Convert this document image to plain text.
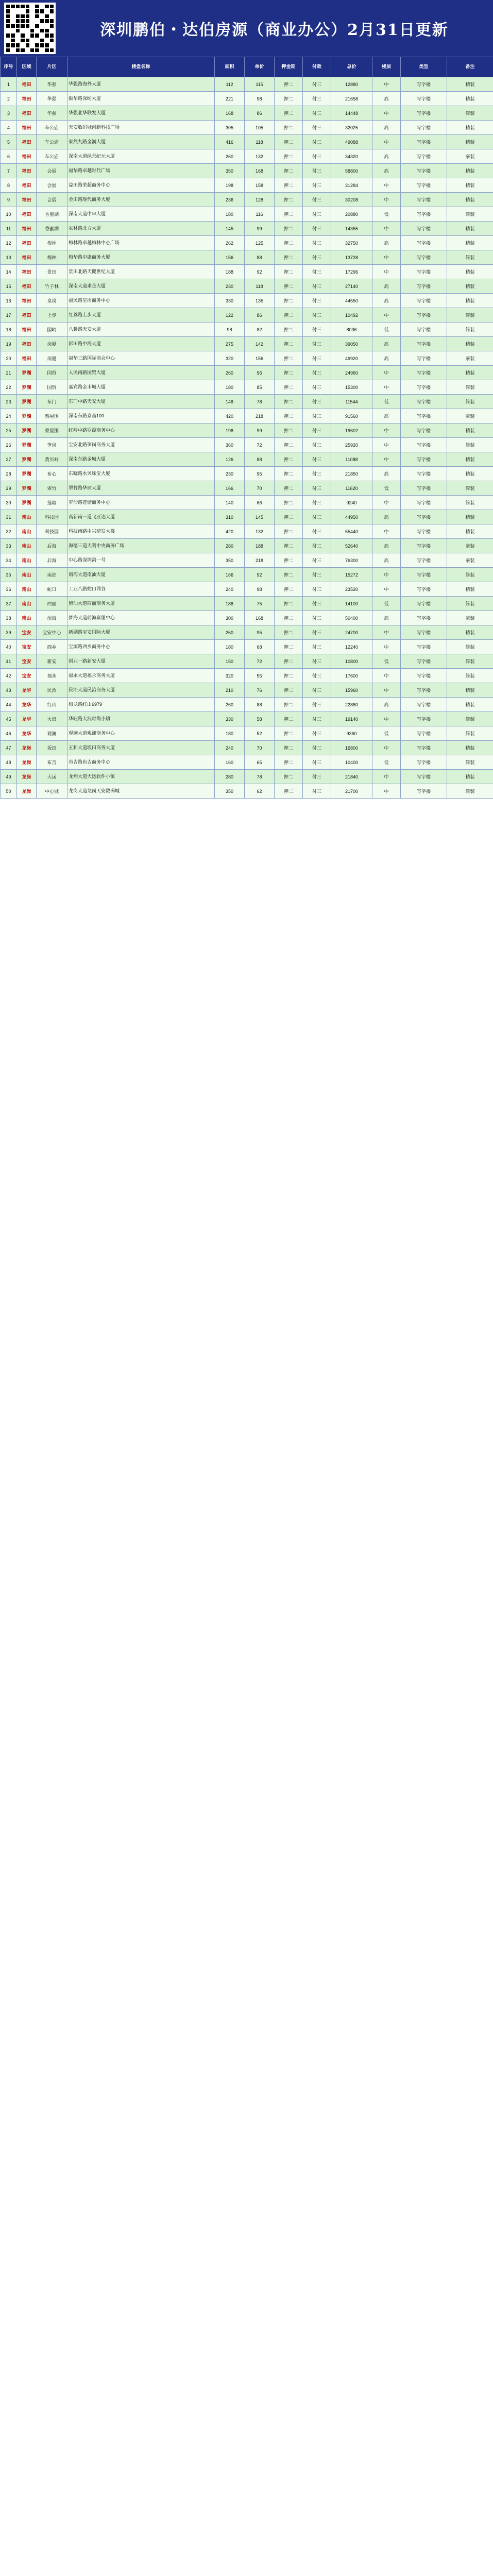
深圳鹏伯・达伯房源（商业办公）2月31日更新
序号	区域	片区	楼盘名称	面积	单价	押金期	付款	总价	楼层	类型	备注
1	福田	华强	华强路海外大厦	112	115	押二	付三	12880	中	写字楼	精装
2	福田	华强	振华路深纺大厦	221	98	押二	付三	21658	高	写字楼	精装
3	福田	华强	华强北华联发大厦	168	86	押二	付三	14448	中	写字楼	简装
4	福田	车公庙	天安数码城创新科技广场	305	105	押二	付三	32025	高	写字楼	精装
5	福田	车公庙	泰然九路金润大厦	416	118	押二	付三	49088	中	写字楼	精装
6	福田	车公庙	深南大道绿景纪元大厦	260	132	押二	付三	34320	高	写字楼	豪装
7	福田	会展	福华路卓越时代广场	350	168	押二	付三	58800	高	写字楼	精装
8	福田	会展	益田路荣超商务中心	198	158	押二	付三	31284	中	写字楼	精装
9	福田	会展	金田路现代商务大厦	236	128	押二	付三	30208	中	写字楼	精装
10	福田	香蜜湖	深南大道中审大厦	180	116	押二	付三	20880	低	写字楼	简装
11	福田	香蜜湖	农林路北方大厦	145	99	押二	付三	14355	中	写字楼	精装
12	福田	梅林	梅林路卓越梅林中心广场	262	125	押二	付三	32750	高	写字楼	精装
13	福田	梅林	梅华路中康商务大厦	156	88	押二	付三	13728	中	写字楼	简装
14	福田	景田	景田北路天健世纪大厦	188	92	押二	付三	17296	中	写字楼	精装
15	福田	竹子林	深南大道求是大厦	230	118	押二	付三	27140	高	写字楼	精装
16	福田	皇岗	福民路皇岗商务中心	330	135	押二	付三	44550	高	写字楼	精装
17	福田	上步	红荔路上步大厦	122	86	押二	付三	10492	中	写字楼	简装
18	福田	园岭	八卦路天安大厦	98	82	押二	付三	8036	低	写字楼	简装
19	福田	岗厦	彩田路中海大厦	275	142	押二	付三	39050	高	写字楼	精装
20	福田	岗厦	福华三路国际商会中心	320	156	押二	付三	49920	高	写字楼	豪装
21	罗湖	国贸	人民南路国贸大厦	260	96	押二	付三	24960	中	写字楼	精装
22	罗湖	国贸	嘉宾路金丰城大厦	180	85	押二	付三	15300	中	写字楼	简装
23	罗湖	东门	东门中路天安大厦	148	78	押二	付三	11544	低	写字楼	简装
24	罗湖	蔡屋围	深南东路京基100	420	218	押二	付三	91560	高	写字楼	豪装
25	罗湖	蔡屋围	红岭中路罗湖商务中心	198	99	押二	付三	19602	中	写字楼	精装
26	罗湖	笋岗	宝安北路笋岗商务大厦	360	72	押二	付三	25920	中	写字楼	简装
27	罗湖	黄贝岭	深南东路金城大厦	126	88	押二	付三	11088	中	写字楼	精装
28	罗湖	布心	东晓路水贝珠宝大厦	230	95	押二	付三	21850	高	写字楼	精装
29	罗湖	翠竹	翠竹路华丽大厦	166	70	押二	付三	11620	低	写字楼	简装
30	罗湖	莲塘	罗沙路莲塘商务中心	140	66	押二	付三	9240	中	写字楼	简装
31	南山	科技园	高新南一道飞亚达大厦	310	145	押二	付三	44950	高	写字楼	精装
32	南山	科技园	科技南路中兴研发大楼	420	132	押二	付三	55440	中	写字楼	精装
33	南山	后海	海德三道天利中央商务广场	280	188	押二	付三	52640	高	写字楼	豪装
34	南山	后海	中心路深圳湾一号	350	218	押二	付三	76300	高	写字楼	豪装
35	南山	南油	南海大道南油大厦	166	92	押二	付三	15272	中	写字楼	简装
36	南山	蛇口	工业八路蛇口网谷	240	98	押二	付三	23520	中	写字楼	精装
37	南山	西丽	留仙大道西丽商务大厦	188	75	押二	付三	14100	低	写字楼	简装
38	南山	前海	梦海大道前海嘉里中心	300	168	押二	付三	50400	高	写字楼	豪装
39	宝安	宝安中心	新湖路宝安国际大厦	260	95	押二	付三	24700	中	写字楼	精装
40	宝安	西乡	宝源路西乡商务中心	180	68	押二	付三	12240	中	写字楼	简装
41	宝安	新安	创业一路新安大厦	150	72	押二	付三	10800	低	写字楼	简装
42	宝安	福永	福永大道福永商务大厦	320	55	押二	付三	17600	中	写字楼	简装
43	龙华	民治	民治大道民治商务大厦	210	76	押二	付三	15960	中	写字楼	精装
44	龙华	红山	梅龙路红山6979	260	88	押二	付三	22880	高	写字楼	精装
45	龙华	大浪	华旺路大浪时尚小镇	330	58	押二	付三	19140	中	写字楼	简装
46	龙华	观澜	观澜大道观澜商务中心	180	52	押二	付三	9360	低	写字楼	简装
47	龙岗	坂田	五和大道坂田商务大厦	240	70	押二	付三	16800	中	写字楼	精装
48	龙岗	布吉	布吉路布吉商务中心	160	65	押二	付三	10400	低	写字楼	简装
49	龙岗	大运	龙翔大道大运软件小镇	280	78	押二	付三	21840	中	写字楼	精装
50	龙岗	中心城	龙岗大道龙岗天安数码城	350	62	押二	付三	21700	中	写字楼	简装
